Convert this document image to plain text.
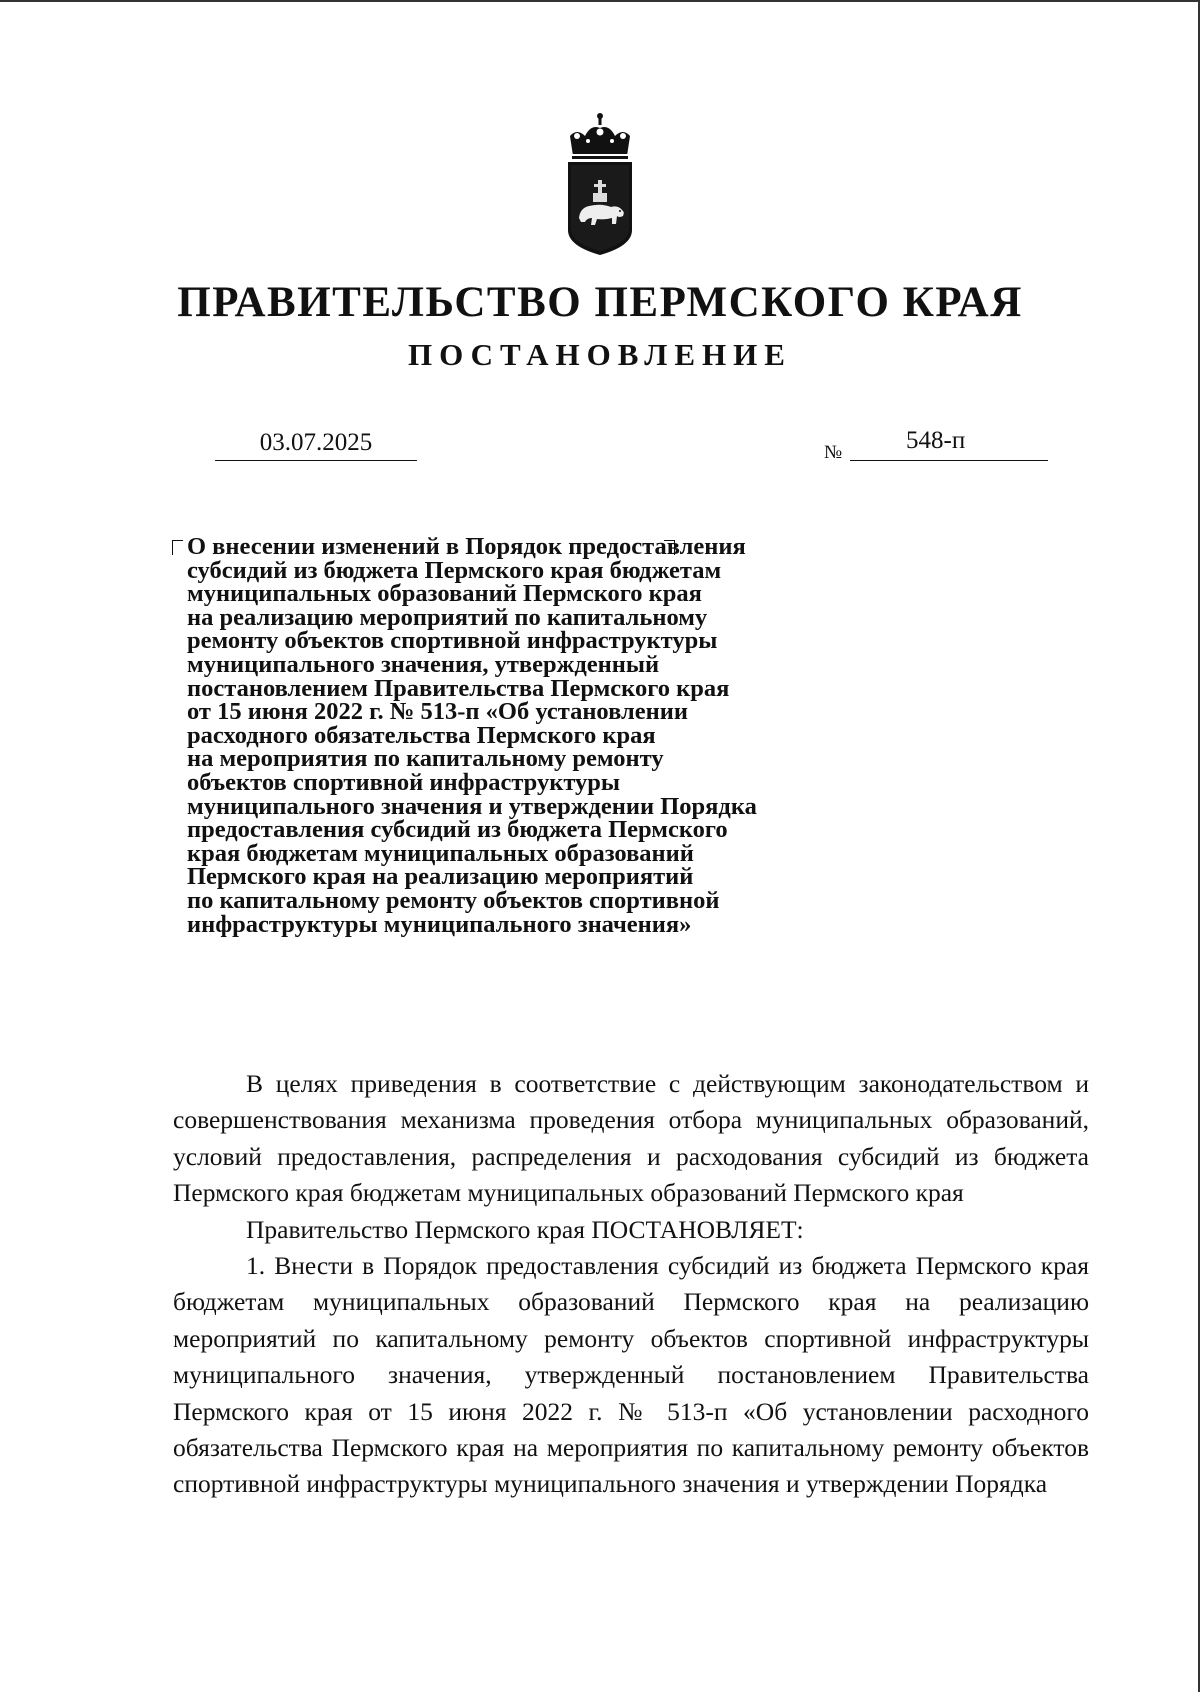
ПРАВИТЕЛЬСТВО ПЕРМСКОГО КРАЯ
ПОСТАНОВЛЕНИЕ
03.07.2025	№	548-п
О внесении изменений в Порядок предоставления
субсидий из бюджета Пермского края бюджетам
муниципальных образований Пермского края
на реализацию мероприятий по капитальному
ремонту объектов спортивной инфраструктуры
муниципального значения, утвержденный
постановлением Правительства Пермского края
от 15 июня 2022 г. № 513-п «Об установлении
расходного обязательства Пермского края
на мероприятия по капитальному ремонту
объектов спортивной инфраструктуры
муниципального значения и утверждении Порядка
предоставления субсидий из бюджета Пермского
края бюджетам муниципальных образований
Пермского края на реализацию мероприятий
по капитальному ремонту объектов спортивной
инфраструктуры муниципального значения»

В целях приведения в соответствие с действующим законодательством и совершенствования механизма проведения отбора муниципальных образований, условий предоставления, распределения и расходования субсидий из бюджета Пермского края бюджетам муниципальных образований Пермского края

Правительство Пермского края ПОСТАНОВЛЯЕТ:

1. Внести в Порядок предоставления субсидий из бюджета Пермского края бюджетам муниципальных образований Пермского края на реализацию мероприятий по капитальному ремонту объектов спортивной инфраструктуры муниципального значения, утвержденный постановлением Правительства Пермского края от 15 июня 2022 г. № 513-п «Об установлении расходного обязательства Пермского края на мероприятия по капитальному ремонту объектов спортивной инфраструктуры муниципального значения и утверждении Порядка
